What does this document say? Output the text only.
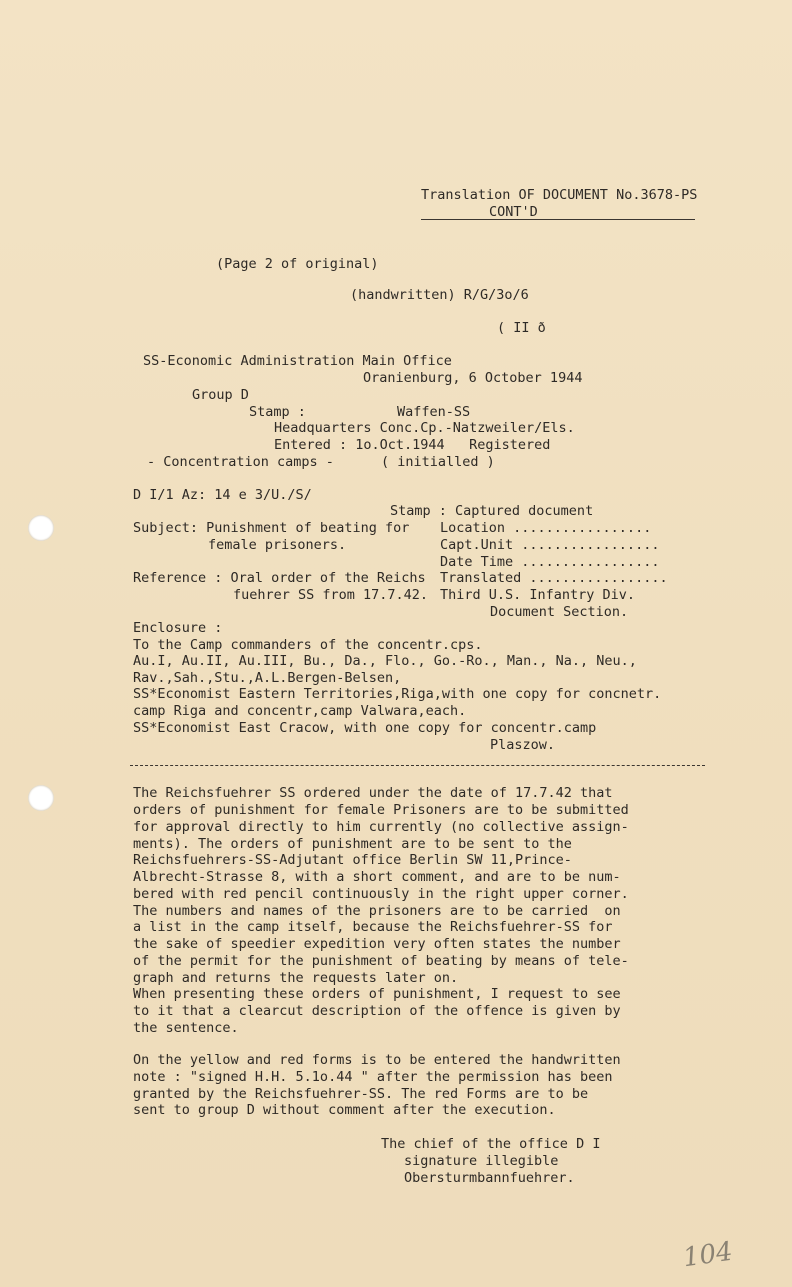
Translation OF DOCUMENT No.3678-PS
CONT'D
(Page 2 of original)
(handwritten) R/G/3o/6
( II ð
SS-Economic Administration Main Office
Oranienburg, 6 October 1944
Group D
Stamp :	Waffen-SS
Headquarters Conc.Cp.-Natzweiler/Els.
Entered : 1o.Oct.1944   Registered
- Concentration camps -	( initialled )
D I/1 Az: 14 e 3/U./S/
Stamp : Captured document
Location .................
Capt.Unit .................
Date Time .................
Translated .................
Third U.S. Infantry Div.
Document Section.
Subject: Punishment of beating for
female prisoners.
Reference : Oral order of the Reichs
fuehrer SS from 17.7.42.
Enclosure :
To the Camp commanders of the concentr.cps.
Au.I, Au.II, Au.III, Bu., Da., Flo., Go.-Ro., Man., Na., Neu.,
Rav.,Sah.,Stu.,A.L.Bergen-Belsen,
SS*Economist Eastern Territories,Riga,with one copy for concnetr.
camp Riga and concentr,camp Valwara,each.
SS*Economist East Cracow, with one copy for concentr.camp
Plaszow.
The Reichsfuehrer SS ordered under the date of 17.7.42 that
orders of punishment for female Prisoners are to be submitted
for approval directly to him currently (no collective assign-
ments). The orders of punishment are to be sent to the
Reichsfuehrers-SS-Adjutant office Berlin SW 11,Prince-
Albrecht-Strasse 8, with a short comment, and are to be num-
bered with red pencil continuously in the right upper corner.
The numbers and names of the prisoners are to be carried  on
a list in the camp itself, because the Reichsfuehrer-SS for
the sake of speedier expedition very often states the number
of the permit for the punishment of beating by means of tele-
graph and returns the requests later on.
When presenting these orders of punishment, I request to see
to it that a clearcut description of the offence is given by
the sentence.
On the yellow and red forms is to be entered the handwritten
note : "signed H.H. 5.1o.44 " after the permission has been
granted by the Reichsfuehrer-SS. The red Forms are to be
sent to group D without comment after the execution.
The chief of the office D I
signature illegible
Obersturmbannfuehrer.
104
